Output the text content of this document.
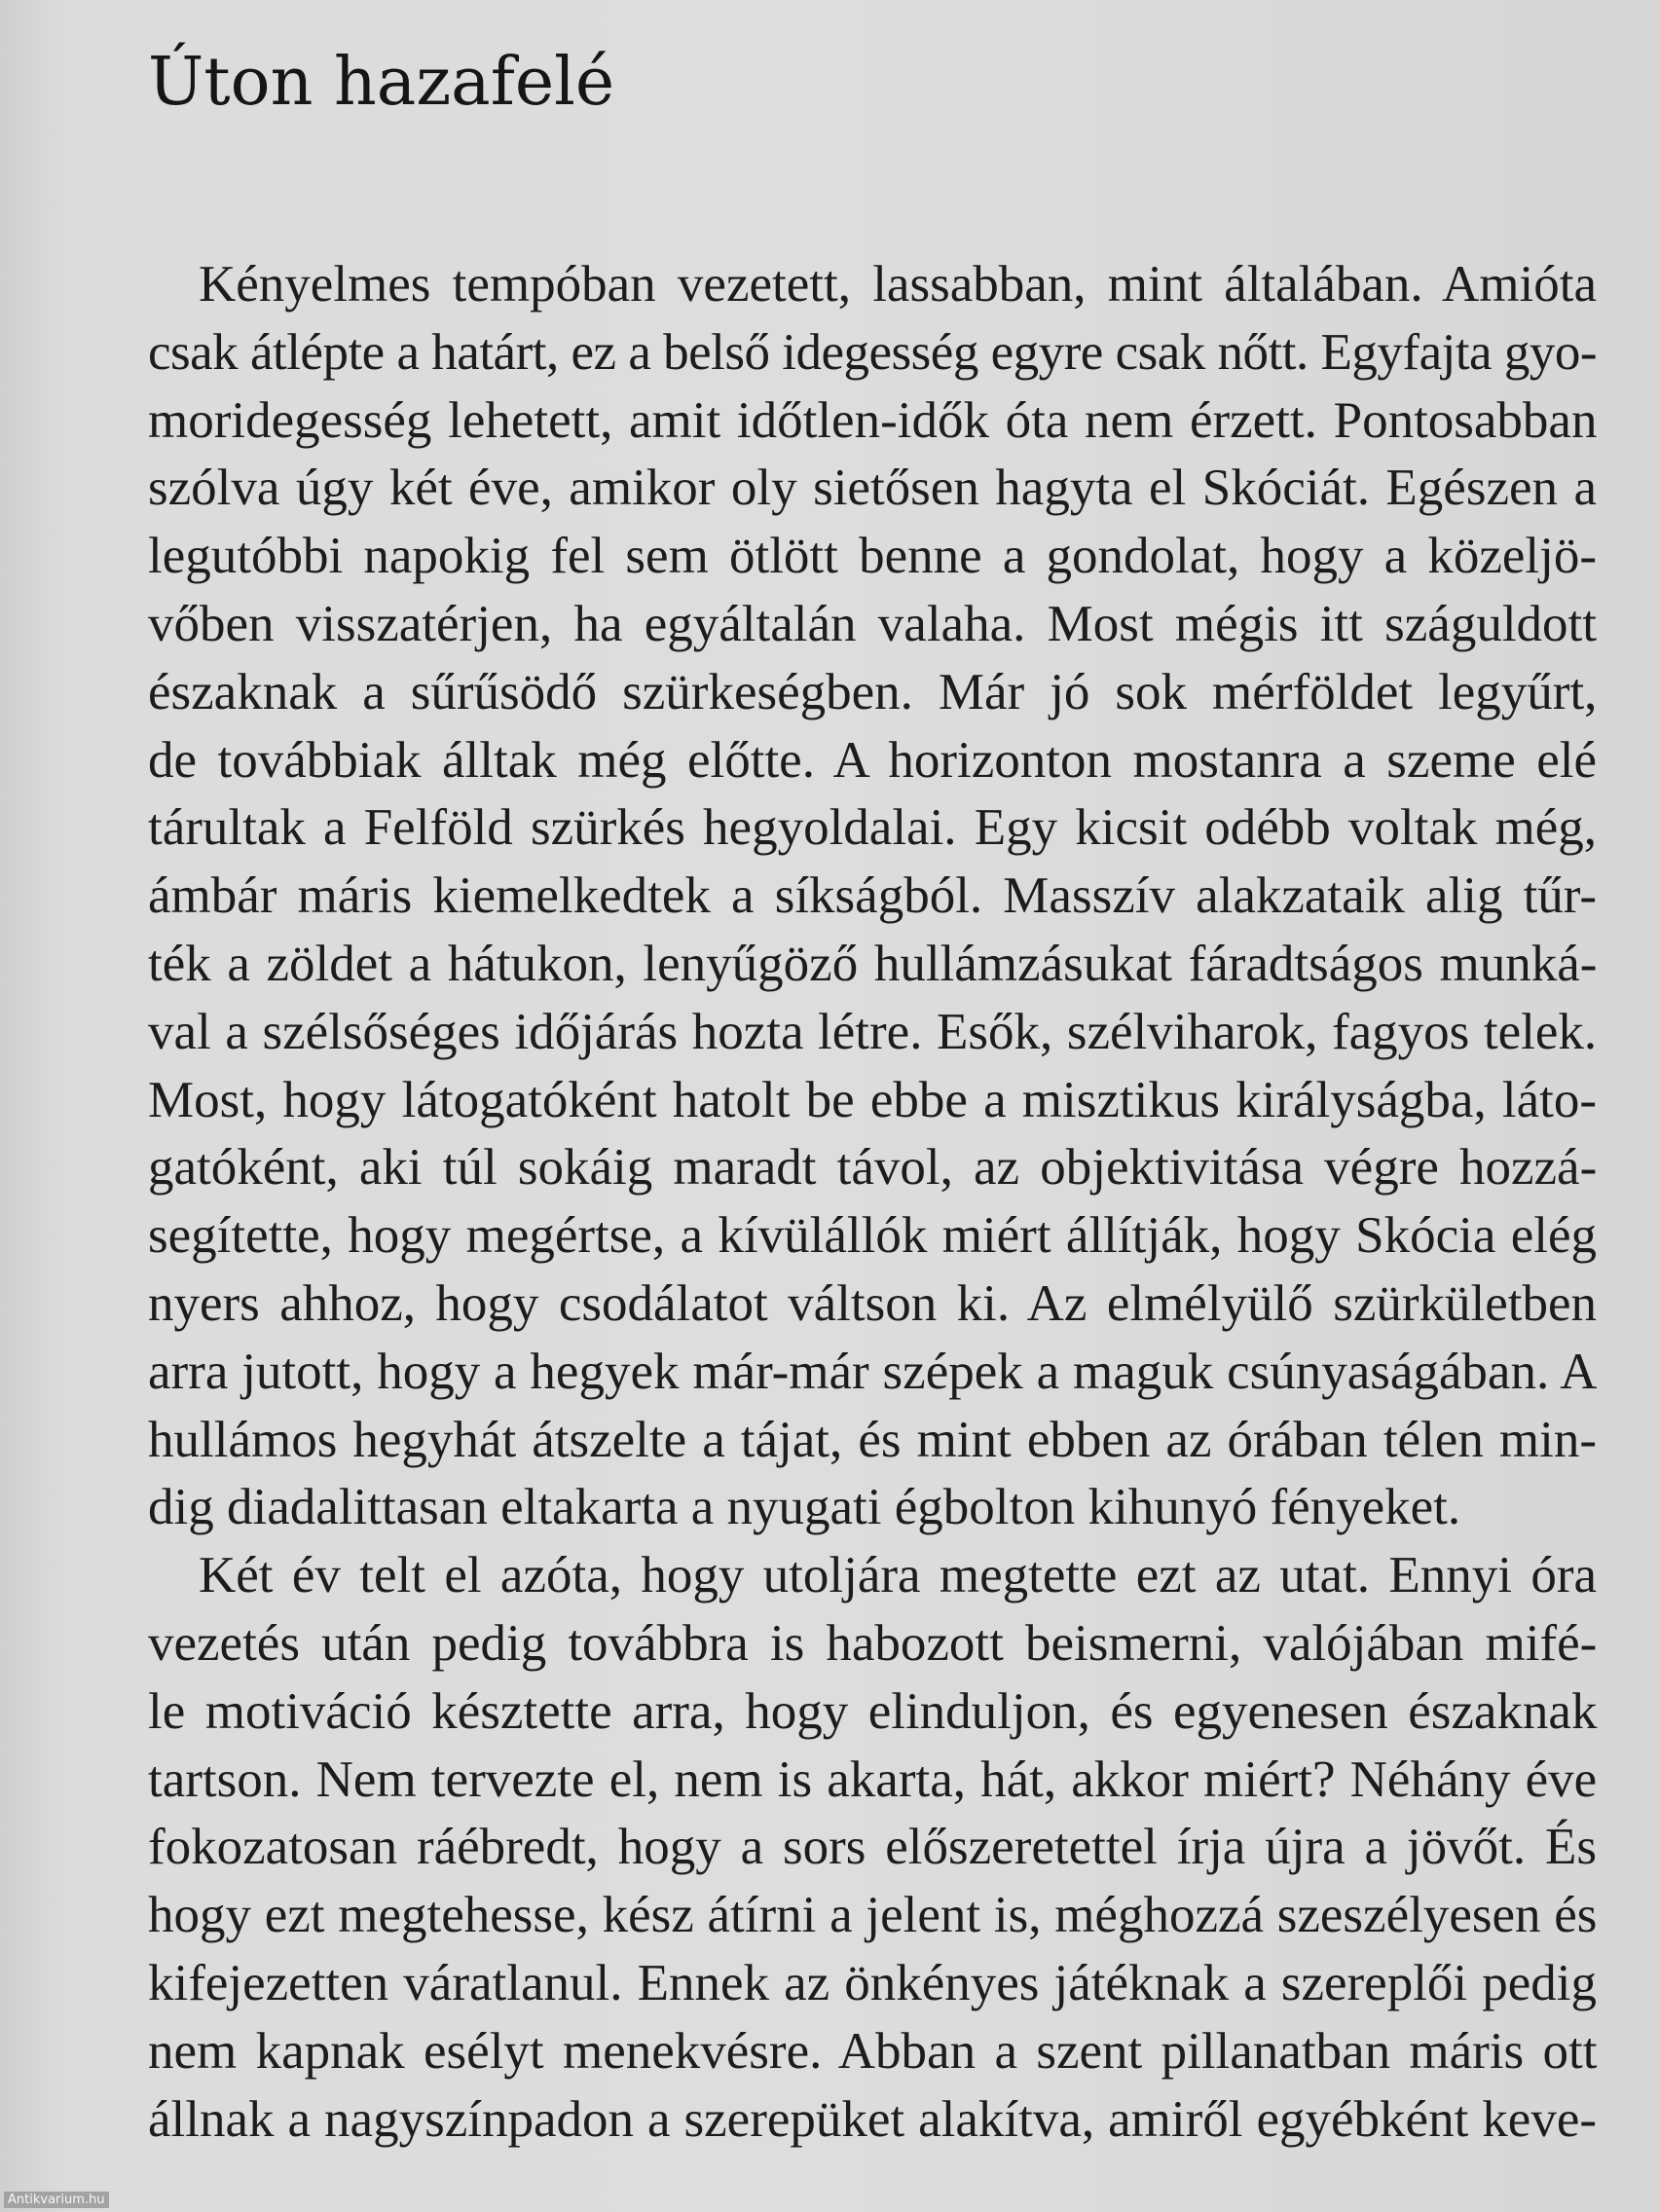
Úton hazafelé
Kényelmes tempóban vezetett, lassabban, mint általában. Amióta
csak átlépte a határt, ez a belső idegesség egyre csak nőtt. Egyfajta gyo-
moridegesség lehetett, amit időtlen-idők óta nem érzett. Pontosabban
szólva úgy két éve, amikor oly sietősen hagyta el Skóciát. Egészen a
legutóbbi napokig fel sem ötlött benne a gondolat, hogy a közeljö-
vőben visszatérjen, ha egyáltalán valaha. Most mégis itt száguldott
északnak a sűrűsödő szürkeségben. Már jó sok mérföldet legyűrt,
de továbbiak álltak még előtte. A horizonton mostanra a szeme elé
tárultak a Felföld szürkés hegyoldalai. Egy kicsit odébb voltak még,
ámbár máris kiemelkedtek a síkságból. Masszív alakzataik alig tűr-
ték a zöldet a hátukon, lenyűgöző hullámzásukat fáradtságos munká-
val a szélsőséges időjárás hozta létre. Esők, szélviharok, fagyos telek.
Most, hogy látogatóként hatolt be ebbe a misztikus királyságba, láto-
gatóként, aki túl sokáig maradt távol, az objektivitása végre hozzá-
segítette, hogy megértse, a kívülállók miért állítják, hogy Skócia elég
nyers ahhoz, hogy csodálatot váltson ki. Az elmélyülő szürkületben
arra jutott, hogy a hegyek már-már szépek a maguk csúnyaságában. A
hullámos hegyhát átszelte a tájat, és mint ebben az órában télen min-
dig diadalittasan eltakarta a nyugati égbolton kihunyó fényeket.
Két év telt el azóta, hogy utoljára megtette ezt az utat. Ennyi óra
vezetés után pedig továbbra is habozott beismerni, valójában mifé-
le motiváció késztette arra, hogy elinduljon, és egyenesen északnak
tartson. Nem tervezte el, nem is akarta, hát, akkor miért? Néhány éve
fokozatosan ráébredt, hogy a sors előszeretettel írja újra a jövőt. És
hogy ezt megtehesse, kész átírni a jelent is, méghozzá szeszélyesen és
kifejezetten váratlanul. Ennek az önkényes játéknak a szereplői pedig
nem kapnak esélyt menekvésre. Abban a szent pillanatban máris ott
állnak a nagyszínpadon a szerepüket alakítva, amiről egyébként keve-
Antikvarium.hu
